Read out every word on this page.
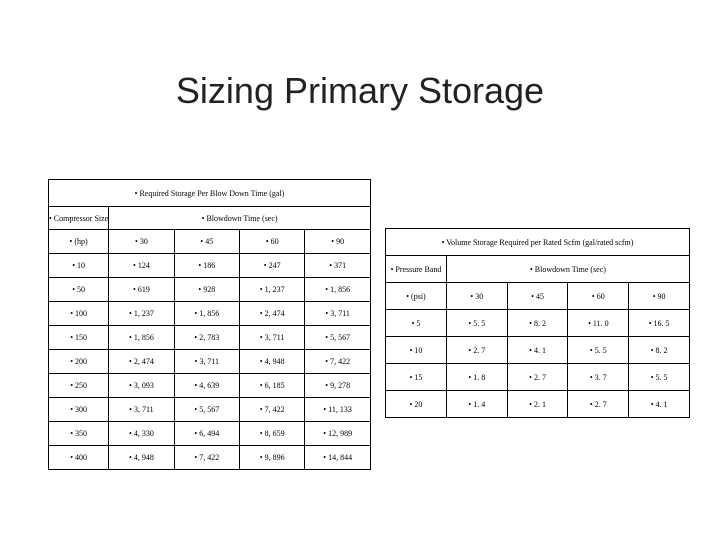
Sizing Primary Storage
• Required Storage Per Blow Down Time (gal)				
• Compressor Size	• Blowdown Time (sec)			
• (hp)	• 30	• 45	• 60	• 90
• 10	• 124	• 186	• 247	• 371
• 50	• 619	• 928	• 1, 237	• 1, 856
• 100	• 1, 237	• 1, 856	• 2, 474	• 3, 711
• 150	• 1, 856	• 2, 783	• 3, 711	• 5, 567
• 200	• 2, 474	• 3, 711	• 4, 948	• 7, 422
• 250	• 3, 093	• 4, 639	• 6, 185	• 9, 278
• 300	• 3, 711	• 5, 567	• 7, 422	• 11, 133
• 350	• 4, 330	• 6, 494	• 8, 659	• 12, 989
• 400	• 4, 948	• 7, 422	• 9, 896	• 14, 844
• Volume Storage Required per Rated Scfm (gal/rated scfm)				
• Pressure Band	• Blowdown Time (sec)			
• (psi)	• 30	• 45	• 60	• 90
• 5	• 5. 5	• 8. 2	• 11. 0	• 16. 5
• 10	• 2. 7	• 4. 1	• 5. 5	• 8. 2
• 15	• 1. 8	• 2. 7	• 3. 7	• 5. 5
• 20	• 1. 4	• 2. 1	• 2. 7	• 4. 1
